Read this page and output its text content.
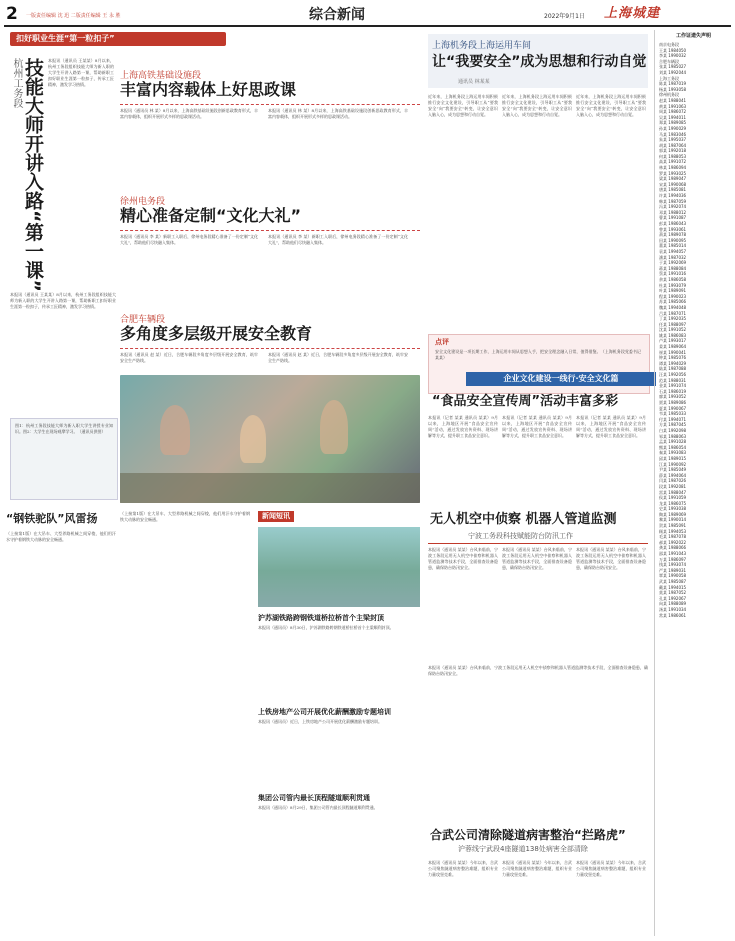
2 一版责任编辑 沈 迅 二版责任编辑 王 永 胜	综合新闻	2022年9月1日 上海城建
扣好职业生涯“第一粒扣子”
杭州工务段 技能大师开讲入路“第一课” 本报讯（通讯员 王某某）8月以来，杭州工务段组织技能大师为新入职的大学生开讲入路第一课，帮助新职工扣好职业生涯第一粒扣子，传承工匠精神，激发学习热情。
本报讯（通讯员 王某某）8月以来，杭州工务段组织技能大师为新入职的大学生开讲入路第一课，帮助新职工扣好职业生涯第一粒扣子，传承工匠精神，激发学习热情。
图1：杭州工务段技能大师为新入职大学生讲授专业知识。图2：大学生在现场观摩学习。（通讯员供图）
上海高铁基础设施段
丰富内容载体上好思政课
本报讯（通讯员 林 某）8月以来，上海高铁基础设施段创新思政教育形式，丰富内容载体，组织开展形式多样的思政课活动。
本报讯（通讯员 林 某）8月以来，上海高铁基础设施段创新思政教育形式，丰富内容载体，组织开展形式多样的思政课活动。
徐州电务段
精心准备定制“文化大礼”
本报讯（通讯员 李 某）新职工入职后，徐州电务段精心准备了一份定制“文化大礼”，帮助他们尽快融入集体。
本报讯（通讯员 李 某）新职工入职后，徐州电务段精心准备了一份定制“文化大礼”，帮助他们尽快融入集体。
合肥车辆段
多角度多层级开展安全教育
本报讯（通讯员 赵 某）近日，合肥车辆段多角度多层级开展安全教育，筑牢安全生产防线。
本报讯（通讯员 赵 某）近日，合肥车辆段多角度多层级开展安全教育，筑牢安全生产防线。
上海机务段上海运用车间
让“我要安全”成为思想和行动自觉
通讯员 林某某
近年来，上海机务段上海运用车间积极推行安全文化建设，引导职工从“要我安全”向“我要安全”转变，让安全意识入脑入心，成为思想和行动自觉。
近年来，上海机务段上海运用车间积极推行安全文化建设，引导职工从“要我安全”向“我要安全”转变，让安全意识入脑入心，成为思想和行动自觉。
近年来，上海机务段上海运用车间积极推行安全文化建设，引导职工从“要我安全”向“我要安全”转变，让安全意识入脑入心，成为思想和行动自觉。
点评
安全文化建设是一项长期工作，上海运用车间从思想入手，把安全理念融入日常，值得借鉴。（上海机务段党委书记 某某）
企业文化建设一线行·安全文化篇
“食品安全宣传周”活动丰富多彩
本报讯（记者 某某 通讯员 某某）9月以来，上海地区开展“食品安全宣传周”活动，通过发放宣传资料、现场讲解等方式，提升职工食品安全意识。
本报讯（记者 某某 通讯员 某某）9月以来，上海地区开展“食品安全宣传周”活动，通过发放宣传资料、现场讲解等方式，提升职工食品安全意识。
本报讯（记者 某某 通讯员 某某）9月以来，上海地区开展“食品安全宣传周”活动，通过发放宣传资料、现场讲解等方式，提升职工食品安全意识。
无人机空中侦察 机器人管道监测
宁波工务段科技赋能防台防汛工作
本报讯（通讯员 某某）台风来临前，宁波工务段运用无人机空中侦察和机器人管道监测等技术手段，全面排查设备隐患，确保防台防汛安全。
本报讯（通讯员 某某）台风来临前，宁波工务段运用无人机空中侦察和机器人管道监测等技术手段，全面排查设备隐患，确保防台防汛安全。
本报讯（通讯员 某某）台风来临前，宁波工务段运用无人机空中侦察和机器人管道监测等技术手段，全面排查设备隐患，确保防台防汛安全。
合武公司清除隧道病害整治“拦路虎”
沪蓉线宁武段4座隧道138处病害全部清除
本报讯（通讯员 某某）今年以来，合武公司聚焦隧道病害整治难题，组织专业力量攻坚克难。
本报讯（通讯员 某某）今年以来，合武公司聚焦隧道病害整治难题，组织专业力量攻坚克难。
本报讯（通讯员 某某）今年以来，合武公司聚焦隧道病害整治难题，组织专业力量攻坚克难。
本报讯（通讯员 某某）台风来临前，宁波工务段运用无人机空中侦察和机器人管道监测等技术手段，全面排查设备隐患，确保防台防汛安全。
“钢铁驼队”风雷扬
（上接第1版）在大吊车、大型养路机械之间穿梭，他们用汗水守护着钢铁大动脉的安全畅通。
（上接第1版）在大吊车、大型养路机械之间穿梭，他们用汗水守护着钢铁大动脉的安全畅通。	新闻短讯
沪苏湖铁路跨钢铁道桥拉桥首个主梁封顶
本报讯（通讯员）8月30日，沪苏湖铁路跨钢铁道桥拉桥首个主梁顺利封顶。
上铁房地产公司开展优化薪酬激励专题培训
本报讯（通讯员）近日，上铁房地产公司开展优化薪酬激励专题培训。
集团公司管内最长顶程隧道顺利贯通
本报讯（通讯员）8月29日，集团公司管内最长顶程隧道顺利贯通。
工作证遗失声明
南京电务段
王某 1984050
李某 1990032
合肥车辆段
张某 1985027
刘某 1992044
上海工务段
陈某 1987019
杨某 1993058
徐州机务段
赵某 1988041
黄某 1991063
周某 1986072
吴某 1994011
郑某 1989085
孙某 1990029
马某 1983046
朱某 1995037
胡某 1987064
郭某 1992018
何某 1988053
高某 1991072
林某 1986094
罗某 1993025
梁某 1989047
宋某 1990068
唐某 1985081
许某 1994036
韩某 1987059
冯某 1992074
邓某 1988012
曹某 1991087
彭某 1986043
曾某 1993061
萧某 1989078
田某 1990095
董某 1985014
袁某 1994057
潘某 1987032
于某 1992069
蒋某 1988084
蔡某 1991016
余某 1986058
杜某 1993079
叶某 1989091
程某 1990023
苏某 1985066
魏某 1994048
吕某 1987071
丁某 1992035
任某 1988097
沈某 1991052
姚某 1986083
卢某 1993017
姜某 1989064
崔某 1990041
钟某 1985076
谭某 1994029
陆某 1987088
汪某 1992056
范某 1988031
金某 1991074
石某 1986019
廖某 1993052
贾某 1989086
夏某 1990067
韦某 1985033
付某 1994071
方某 1987045
白某 1992098
邹某 1988063
孟某 1991028
熊某 1986054
秦某 1993083
邱某 1989015
江某 1990092
尹某 1985049
薛某 1994064
闫某 1987026
段某 1992081
雷某 1988047
侯某 1991059
龙某 1986075
史某 1993038
陶某 1989069
黎某 1990014
贺某 1985091
顾某 1994053
毛某 1987078
郝某 1992022
龚某 1988066
邵某 1991043
万某 1986097
钱某 1993074
严某 1989031
覃某 1990058
武某 1985087
戴某 1994015
莫某 1987052
孔某 1992067
向某 1988089
汤某 1991034
常某 1986061
